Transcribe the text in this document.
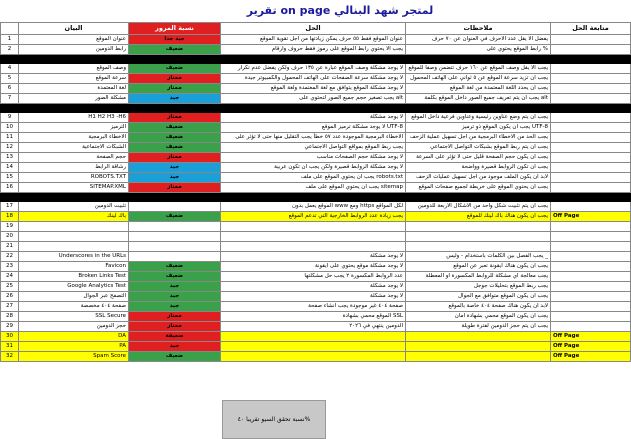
تقرير on page لمتجر شهد البنالي
	البيان	نسبة المرور	الحل	ملاحظات	متابعة الحل
1	عنوان الموقع	جيد جدا	عنوان الموقع فقط ٥٥ حرف يمكن زيادتها من اجل تقوية الموقع	يفضل الا يقل عدد الاحرف في العنوان عن ٧٠ حرف	
2	رابط الدومين	ضعيف	يجب الا يحتوي رابط الموقع على رموز فقط حروف وارقام	رابط الموقع يحتوي على %	

4	وصف الموقع	ضعيف	لا يوجد مشكلة وصف الموقع عبارة عن ١٣٥ حرف ولكن يفضل عدم تكرار	يجب الا يقل وصف الموقع عن ١٦٠ حرف تتضمن وصفا للموقع	
5	سرعة الموقع	ممتاز	لا يوجد مشكلة سرعة الصفحات على الهاتف المحمول والكمبيوتر جيدة	يجب ان تزيد سرعة الموقع عن ٥ ثواني على الهاتف المحمول	
6	لغة المعتمدة	ممتاز	لا يوجد مشكلة الموقع يتوافق مع لغة المعتمدة ولغة الموقع	يجب ان يحدد اللغة المعتمدة من لغة الموقع	
7	مشكلة الصور	جيد	يجب تصغير حجم جميع الصور لتحتوي على alt	يجب ان يتم تعريف جميع الصور داخل الموقع بكلمة alt	

9	H1 H2 H3 -H6	ممتاز	لا يوجد مشكلة	يجب ان يتم وضع عناوين رئيسية وعناوين فرعية داخل الموقع	
10	الترميز	ضعيف	لا يوجد مشكلة ترميز الموقع UTF-8	يجب ان يكون الموقع ذو ترميز UTF-8	
11	الاخطاء البرمجية	ضعيف	الاخطاء البرمجية الموجودة عدد ٥٧ خطأ يجب التقليل منها حتى لا تؤثر على	يجب الحد من الاخطاء البرمجية من اجل تسهيل عملية الزحف	
12	الشبكات الاجتماعية	ضعيف	يجب ربط الموقع بمواقع التواصل الاجتماعي	يجب ان يتم ربط الموقع بشبكات التواصل الاجتماعي	
13	حجم الصفحة	ممتاز	لا يوجد مشكلة حجم الصفحات مناسب	يجب ان يكون حجم الصفحة قليل حتى لا تؤثر على السرعة	
14	رشاقة الرابط	جيد	لا يوجد مشكلة الروابط قصيرة ولكن يجب ان تكون عربية	يجب ان تكون الروابط قصيرة وواضحة	
15	ROBOTS.TXT	جيد	يجب ان يحتوي الموقع على ملف robots.txt	لابد ان يكون الملف موجود من اجل تسهيل عمليات الزحف	
16	SITEMAP.XML	ممتاز	يجب ان يحتوي الموقع على ملف sitemap	يجب ان يحتوي الموقع على خريطة لجميع صفحات الموقع	

17	تثبيت الدومين		الموقع يعمل بدون www ومع https لكل المواقع	يجب ان يتم تثبيت شكل واحد من الاشكال الاربعة للدومين	
18	باك لينك	ضعيف	يجب زيادة عدد الروابط الخارجية التي تدعم الموقع	يجب ان يكون هناك باك لينك للموقع	Off Page
19					
20					
21					
22	Underscores in the URLs		لا يوجد مشكلة	يجب الفصل بين الكلمات باستخدام - وليس _	
23	Favicon	ضعيف	لا يوجد مشكلة موقع يحتوي على ايقونة	يجب ان يكون هناك ايقونة تعبر عن الموقع	
24	Broken Links Test	ضعيف	عدد الروابط المكسورة ٢ يجب حل مشكلتها	يجب معالجة اي مشكلة للروابط المكسورة او المعطلة	
25	Google Analytics Test	جيد	لا يوجد مشكلة	يجب ربط الموقع بتحليلات جوجل	
26	التصفح عبر الجوال	جيد	لا يوجد مشكلة	يجب ان يكون الموقع متوافق مع الجوال	
27	صفحة ٤٠٤ مخصصة	جيد	صفحة ٤٠٤ غير موجودة يجب انشاء صفحة	لابد ان يكون هناك صفحة ٤٠٤ خاصة بالموقع	
28	SSL Secure	ممتاز	الموقع محمي بشهادة SSL	يجب ان يكون الموقع محمي بشهادة امان	
29	حجز الدومين	ممتاز	الدومين ينتهي في ٢٠٢٦	يجب ان يتم حجز الدومين لفترة طويلة	
30	DA	ضعيفة			Off Page
31	PA	جيد			Off Page
32	Spam Score	ضعيف			Off Page
نسبة تحقق السيو تقريبا ٤٠%
